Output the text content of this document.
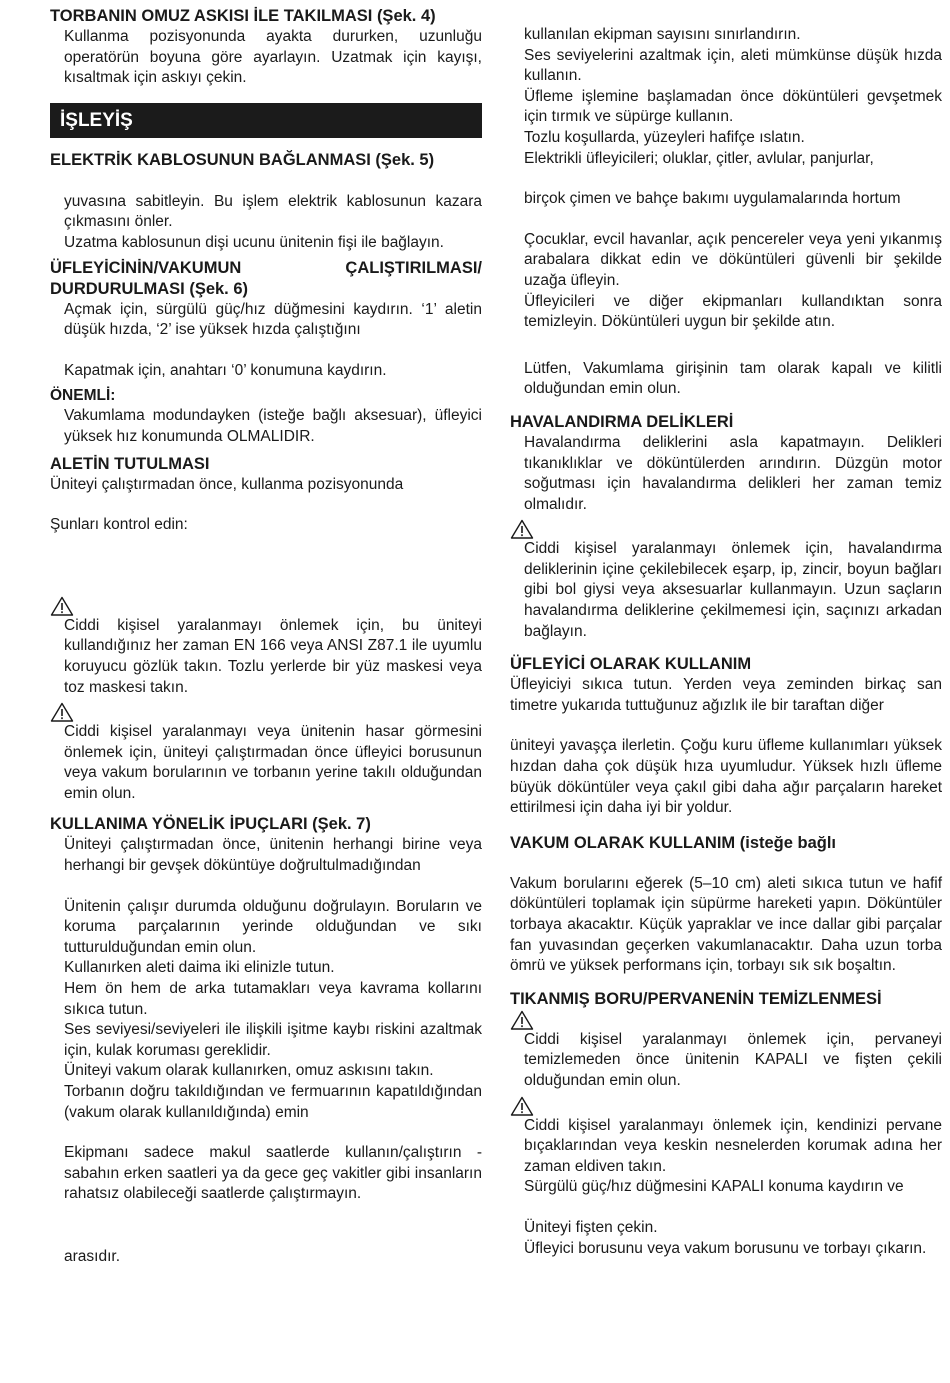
TORBANIN OMUZ ASKISI İLE TAKILMASI (Şek. 4)

Kullanma pozisyonunda ayakta dururken, uzunluğu operatörün boyuna göre ayarlayın. Uzatmak için kayışı, kısaltmak için askıyı çekin.

İŞLEYİŞ
ELEKTRİK KABLOSUNUN BAĞLANMASI (Şek. 5)

yuvasına sabitleyin. Bu işlem elektrik kablosunun kazara çıkmasını önler.

Uzatma kablosunun dişi ucunu ünitenin fişi ile bağlayın.

ÜFLEYİCİNİN/VAKUMUN ÇALIŞTIRILMASI/ DURDURULMASI (Şek. 6)

Açmak için, sürgülü güç/hız düğmesini kaydırın. ‘1’ aletin düşük hızda, ‘2’ ise yüksek hızda çalıştığını

Kapatmak için, anahtarı ‘0’ konumuna kaydırın.

ÖNEMLİ:

Vakumlama modundayken (isteğe bağlı aksesuar), üfleyici yüksek hız konumunda OLMALIDIR.

ALETİN TUTULMASI

Üniteyi çalıştırmadan önce, kullanma pozisyonunda

Şunları kontrol edin:

Ciddi kişisel yaralanmayı önlemek için, bu üniteyi kullandığınız her zaman EN 166 veya ANSI Z87.1 ile uyumlu koruyucu gözlük takın. Tozlu yerlerde bir yüz maskesi veya toz maskesi takın.

Ciddi kişisel yaralanmayı veya ünitenin hasar görmesini önlemek için, üniteyi çalıştırmadan önce üfleyici borusunun veya vakum borularının ve torbanın yerine takılı olduğundan emin olun.

KULLANIMA YÖNELİK İPUÇLARI (Şek. 7)

Üniteyi çalıştırmadan önce, ünitenin herhangi birine veya herhangi bir gevşek döküntüye doğrultulmadığından

Ünitenin çalışır durumda olduğunu doğrulayın. Boruların ve koruma parçalarının yerinde olduğundan ve sıkı tutturulduğundan emin olun.

Kullanırken aleti daima iki elinizle tutun.

Hem ön hem de arka tutamakları veya kavrama kollarını sıkıca tutun.

Ses seviyesi/seviyeleri ile ilişkili işitme kaybı riskini azaltmak için, kulak koruması gereklidir.

Üniteyi vakum olarak kullanırken, omuz askısını takın.

Torbanın doğru takıldığından ve fermuarının kapatıldığından (vakum olarak kullanıldığında) emin

Ekipmanı sadece makul saatlerde kullanın/çalıştırın - sabahın erken saatleri ya da gece geç vakitler gibi insanların rahatsız olabileceği saatlerde çalıştırmayın.

arasıdır.

kullanılan ekipman sayısını sınırlandırın.

Ses seviyelerini azaltmak için, aleti mümkünse düşük hızda kullanın.

Üfleme işlemine başlamadan önce döküntüleri gevşetmek için tırmık ve süpürge kullanın.

Tozlu koşullarda, yüzeyleri hafifçe ıslatın.

Elektrikli üfleyicileri; oluklar, çitler, avlular, panjurlar,

birçok çimen ve bahçe bakımı uygulamalarında hortum

Çocuklar, evcil havanlar, açık pencereler veya yeni yıkanmış arabalara dikkat edin ve döküntüleri güvenli bir şekilde uzağa üfleyin.

Üfleyicileri ve diğer ekipmanları kullandıktan sonra temizleyin. Döküntüleri uygun bir şekilde atın.

Lütfen, Vakumlama girişinin tam olarak kapalı ve kilitli olduğundan emin olun.

HAVALANDIRMA DELİKLERİ

Havalandırma deliklerini asla kapatmayın. Delikleri tıkanıklıklar ve döküntülerden arındırın. Düzgün motor soğutması için havalandırma delikleri her zaman temiz olmalıdır.

Ciddi kişisel yaralanmayı önlemek için, havalandırma deliklerinin içine çekilebilecek eşarp, ip, zincir, boyun bağları gibi bol giysi veya aksesuarlar kullanmayın. Uzun saçların havalandırma deliklerine çekilmemesi için, saçınızı arkadan bağlayın.

ÜFLEYİCİ OLARAK KULLANIM

Üfleyiciyi sıkıca tutun. Yerden veya zeminden birkaç san timetre yukarıda tuttuğunuz ağızlık ile bir taraftan diğer

üniteyi yavaşça ilerletin. Çoğu kuru üfleme kullanımları yüksek hızdan daha çok düşük hıza uyumludur. Yüksek hızlı üfleme büyük döküntüler veya çakıl gibi daha ağır parçaların hareket ettirilmesi için daha iyi bir yoldur.

VAKUM OLARAK KULLANIM (isteğe bağlı

Vakum borularını eğerek (5–10 cm) aleti sıkıca tutun ve hafif döküntüleri toplamak için süpürme hareketi yapın. Döküntüler torbaya akacaktır. Küçük yapraklar ve ince dallar gibi parçalar fan yuvasından geçerken vakumlanacaktır. Daha uzun torba ömrü ve yüksek performans için, torbayı sık sık boşaltın.

TIKANMIŞ BORU/PERVANENİN TEMİZLENMESİ

Ciddi kişisel yaralanmayı önlemek için, pervaneyi temizlemeden önce ünitenin KAPALI ve fişten çekili olduğundan emin olun.

Ciddi kişisel yaralanmayı önlemek için, kendinizi pervane bıçaklarından veya keskin nesnelerden korumak adına her zaman eldiven takın.

Sürgülü güç/hız düğmesini KAPALI konuma kaydırın ve

Üniteyi fişten çekin.

Üfleyici borusunu veya vakum borusunu ve torbayı çıkarın.
